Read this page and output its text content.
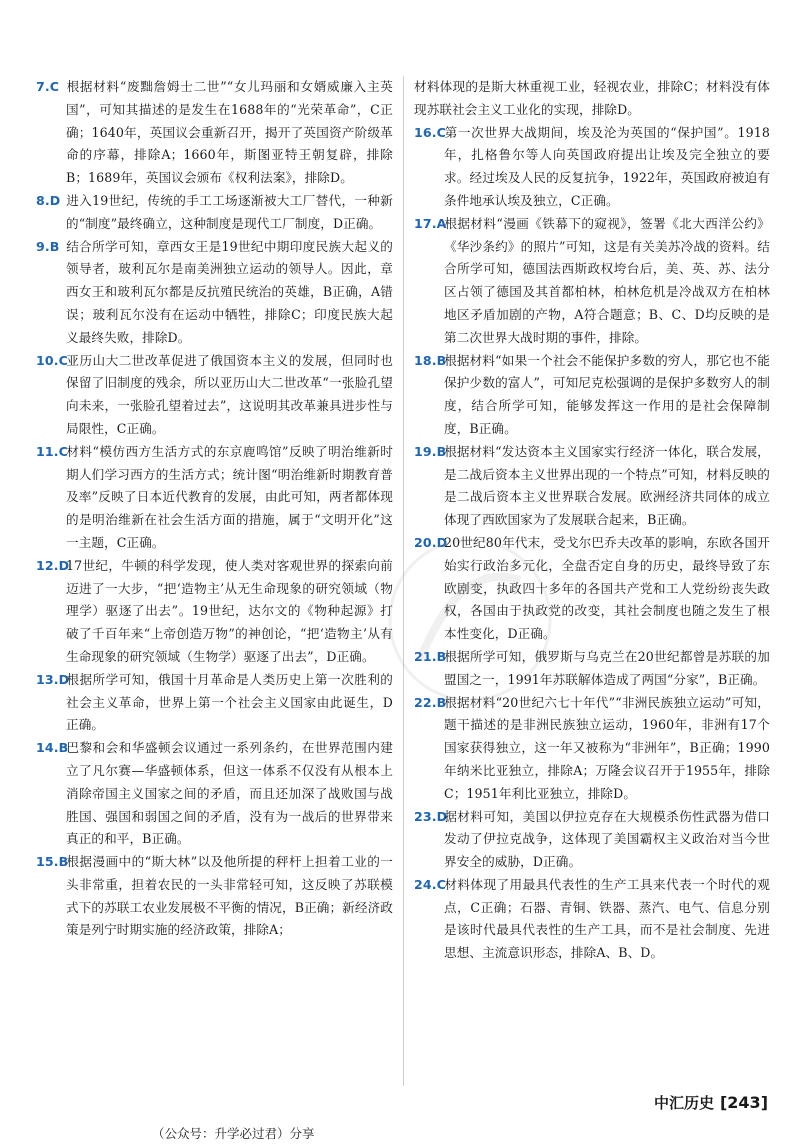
7.C 根据材料“废黜詹姆士二世”“女儿玛丽和女婿威廉入主英国”，可知其描述的是发生在1688年的“光荣革命”，C正确；1640年，英国议会重新召开，揭开了英国资产阶级革命的序幕，排除A；1660年，斯图亚特王朝复辟，排除B；1689年，英国议会颁布《权利法案》，排除D。

8.D 进入19世纪，传统的手工工场逐渐被大工厂替代，一种新的“制度”最终确立，这种制度是现代工厂制度，D正确。

9.B 结合所学可知，章西女王是19世纪中期印度民族大起义的领导者，玻利瓦尔是南美洲独立运动的领导人。因此，章西女王和玻利瓦尔都是反抗殖民统治的英雄，B正确，A错误；玻利瓦尔没有在运动中牺牲，排除C；印度民族大起义最终失败，排除D。

10.C亚历山大二世改革促进了俄国资本主义的发展，但同时也保留了旧制度的残余，所以亚历山大二世改革“一张脸孔望向未来，一张脸孔望着过去”，这说明其改革兼具进步性与局限性，C正确。

11.C材料“模仿西方生活方式的东京鹿鸣馆”反映了明治维新时期人们学习西方的生活方式；统计图“明治维新时期教育普及率”反映了日本近代教育的发展，由此可知，两者都体现的是明治维新在社会生活方面的措施，属于“文明开化”这一主题，C正确。

12.D17世纪，牛顿的科学发现，使人类对客观世界的探索向前迈进了一大步，“把‘造物主’从无生命现象的研究领域（物理学）驱逐了出去”。19世纪，达尔文的《物种起源》打破了千百年来“上帝创造万物”的神创论，“把‘造物主’从有生命现象的研究领域（生物学）驱逐了出去”，D正确。

13.D根据所学可知，俄国十月革命是人类历史上第一次胜利的社会主义革命，世界上第一个社会主义国家由此诞生，D正确。

14.B巴黎和会和华盛顿会议通过一系列条约，在世界范围内建立了凡尔赛—华盛顿体系，但这一体系不仅没有从根本上消除帝国主义国家之间的矛盾，而且还加深了战败国与战胜国、强国和弱国之间的矛盾，没有为一战后的世界带来真正的和平，B正确。

15.B根据漫画中的“斯大林”以及他所提的秤杆上担着工业的一头非常重，担着农民的一头非常轻可知，这反映了苏联模式下的苏联工农业发展极不平衡的情况，B正确；新经济政策是列宁时期实施的经济政策，排除A；

材料体现的是斯大林重视工业，轻视农业，排除C；材料没有体现苏联社会主义工业化的实现，排除D。

16.C第一次世界大战期间，埃及沦为英国的“保护国”。1918年，扎格鲁尔等人向英国政府提出让埃及完全独立的要求。经过埃及人民的反复抗争，1922年，英国政府被迫有条件地承认埃及独立，C正确。

17.A根据材料“漫画《铁幕下的窥视》，签署《北大西洋公约》《华沙条约》的照片”可知，这是有关美苏冷战的资料。结合所学可知，德国法西斯政权垮台后，美、英、苏、法分区占领了德国及其首都柏林，柏林危机是冷战双方在柏林地区矛盾加剧的产物，A符合题意；B、C、D均反映的是第二次世界大战时期的事件，排除。

18.B根据材料“如果一个社会不能保护多数的穷人，那它也不能保护少数的富人”，可知尼克松强调的是保护多数穷人的制度，结合所学可知，能够发挥这一作用的是社会保障制度，B正确。

19.B根据材料“发达资本主义国家实行经济一体化，联合发展，是二战后资本主义世界出现的一个特点”可知，材料反映的是二战后资本主义世界联合发展。欧洲经济共同体的成立体现了西欧国家为了发展联合起来，B正确。

20.D20世纪80年代末，受戈尔巴乔夫改革的影响，东欧各国开始实行政治多元化，全盘否定自身的历史，最终导致了东欧剧变，执政四十多年的各国共产党和工人党纷纷丧失政权，各国由于执政党的改变，其社会制度也随之发生了根本性变化，D正确。

21.B根据所学可知，俄罗斯与乌克兰在20世纪都曾是苏联的加盟国之一，1991年苏联解体造成了两国“分家”，B正确。

22.B根据材料“20世纪六七十年代”“非洲民族独立运动”可知，题干描述的是非洲民族独立运动，1960年，非洲有17个国家获得独立，这一年又被称为“非洲年”，B正确；1990年纳米比亚独立，排除A；万隆会议召开于1955年，排除C；1951年利比亚独立，排除D。

23.D据材料可知，美国以伊拉克存在大规模杀伤性武器为借口发动了伊拉克战争，这体现了美国霸权主义政治对当今世界安全的威胁，D正确。

24.C材料体现了用最具代表性的生产工具来代表一个时代的观点，C正确；石器、青铜、铁器、蒸汽、电气、信息分别是该时代最具代表性的生产工具，而不是社会制度、先进思想、主流意识形态，排除A、B、D。

中汇历史 [243]
（公众号：升学必过君）分享
